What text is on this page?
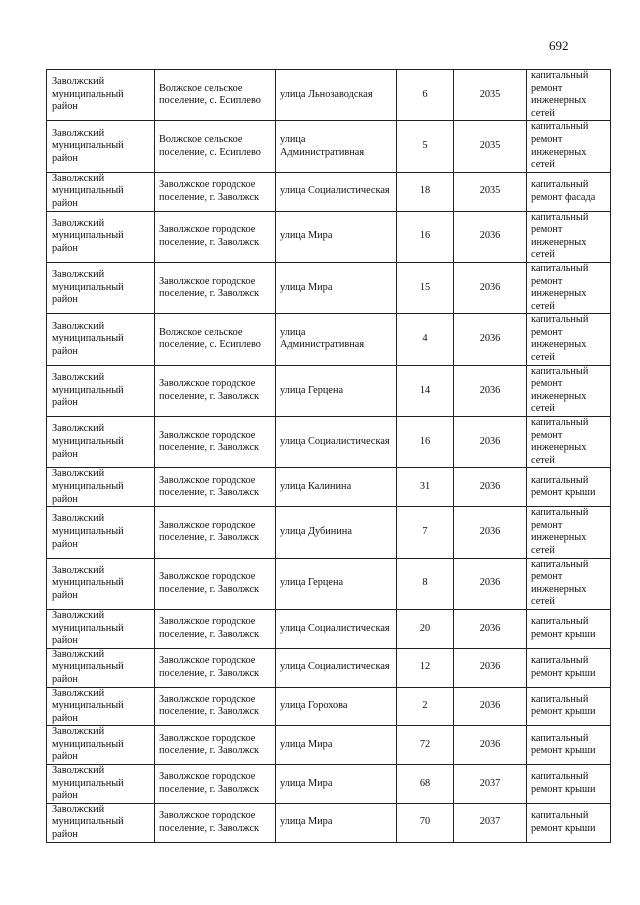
692
Заволжский муниципальный район	Волжское сельское поселение, с. Есиплево	улица Льнозаводская	6	2035	капитальный ремонт инженерных сетей
Заволжский муниципальный район	Волжское сельское поселение, с. Есиплево	улица Административная	5	2035	капитальный ремонт инженерных сетей
Заволжский муниципальный район	Заволжское городское поселение, г. Заволжск	улица Социалистическая	18	2035	капитальный ремонт фасада
Заволжский муниципальный район	Заволжское городское поселение, г. Заволжск	улица Мира	16	2036	капитальный ремонт инженерных сетей
Заволжский муниципальный район	Заволжское городское поселение, г. Заволжск	улица Мира	15	2036	капитальный ремонт инженерных сетей
Заволжский муниципальный район	Волжское сельское поселение, с. Есиплево	улица Административная	4	2036	капитальный ремонт инженерных сетей
Заволжский муниципальный район	Заволжское городское поселение, г. Заволжск	улица Герцена	14	2036	капитальный ремонт инженерных сетей
Заволжский муниципальный район	Заволжское городское поселение, г. Заволжск	улица Социалистическая	16	2036	капитальный ремонт инженерных сетей
Заволжский муниципальный район	Заволжское городское поселение, г. Заволжск	улица Калинина	31	2036	капитальный ремонт крыши
Заволжский муниципальный район	Заволжское городское поселение, г. Заволжск	улица Дубинина	7	2036	капитальный ремонт инженерных сетей
Заволжский муниципальный район	Заволжское городское поселение, г. Заволжск	улица Герцена	8	2036	капитальный ремонт инженерных сетей
Заволжский муниципальный район	Заволжское городское поселение, г. Заволжск	улица Социалистическая	20	2036	капитальный ремонт крыши
Заволжский муниципальный район	Заволжское городское поселение, г. Заволжск	улица Социалистическая	12	2036	капитальный ремонт крыши
Заволжский муниципальный район	Заволжское городское поселение, г. Заволжск	улица Горохова	2	2036	капитальный ремонт крыши
Заволжский муниципальный район	Заволжское городское поселение, г. Заволжск	улица Мира	72	2036	капитальный ремонт крыши
Заволжский муниципальный район	Заволжское городское поселение, г. Заволжск	улица Мира	68	2037	капитальный ремонт крыши
Заволжский муниципальный район	Заволжское городское поселение, г. Заволжск	улица Мира	70	2037	капитальный ремонт крыши
